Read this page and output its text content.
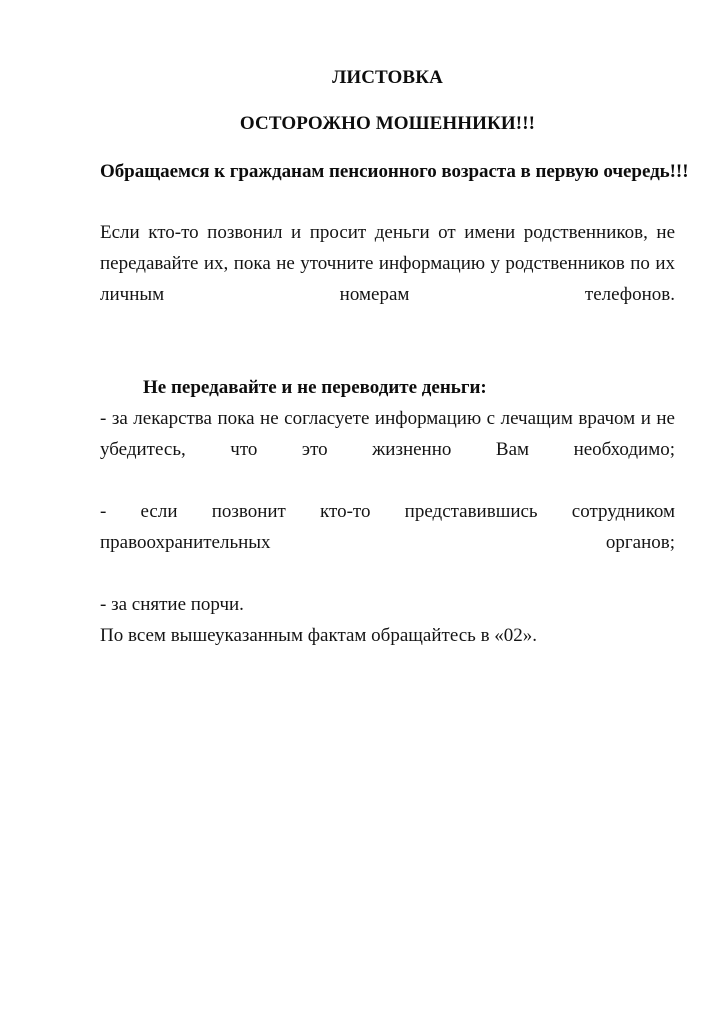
ЛИСТОВКА
ОСТОРОЖНО МОШЕННИКИ!!!
Обращаемся к гражданам пенсионного возраста в первую очередь!!!

Если кто-то позвонил и просит деньги от имени родственников, не передавайте их, пока не уточните информацию у родственников по их личным номерам телефонов.

Не передавайте и не переводите деньги:

- за лекарства пока не согласуете информацию с лечащим врачом и не убедитесь, что это жизненно Вам необходимо;

- если позвонит кто-то представившись сотрудником правоохранительных органов;

- за снятие порчи.

По всем вышеуказанным фактам обращайтесь в «02».
